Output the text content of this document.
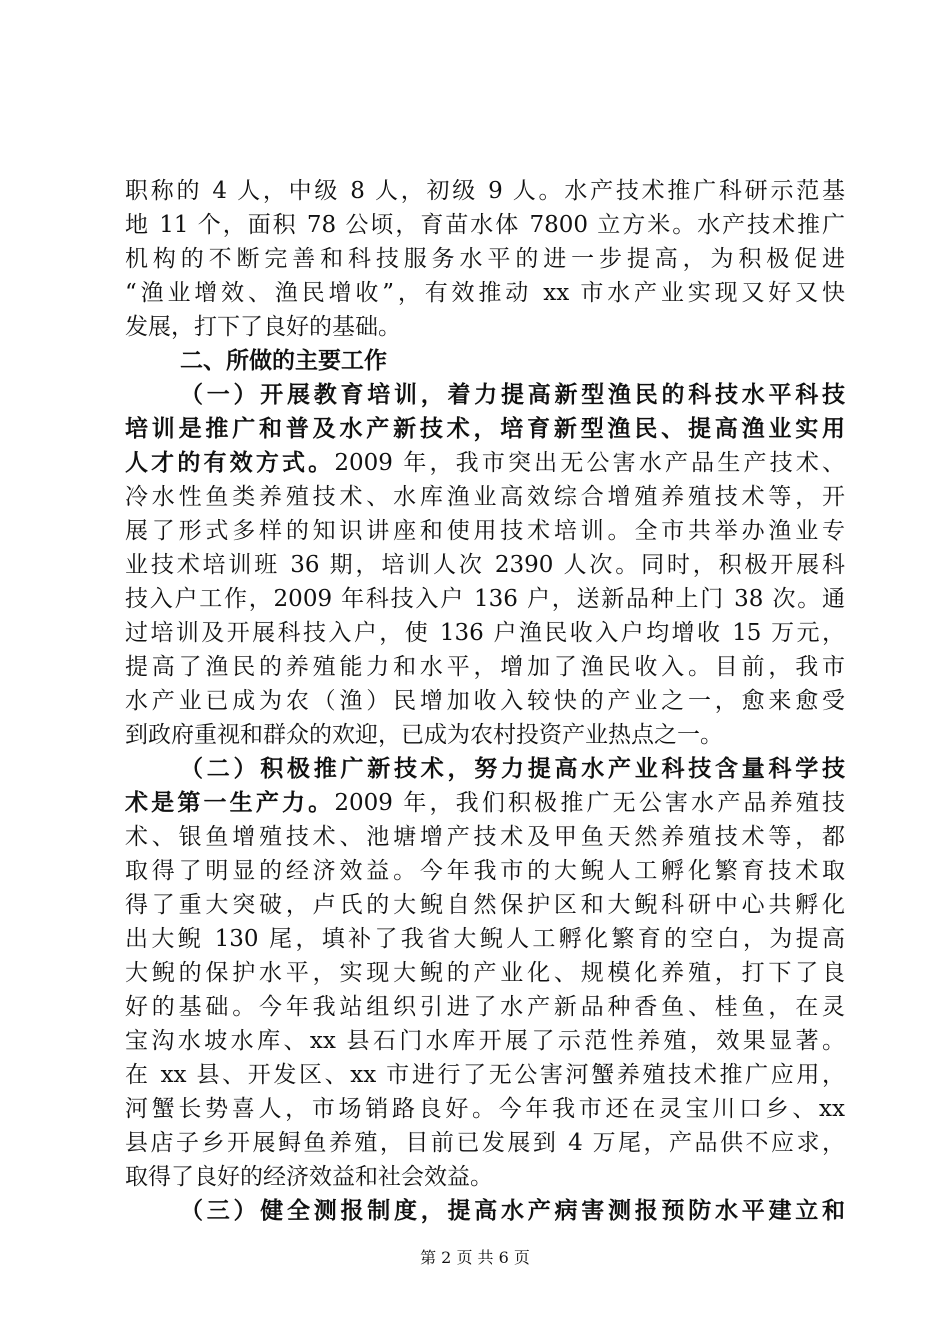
职称的 4 人，中级 8 人，初级 9 人。水产技术推广科研示范基
地 11 个，面积 78 公顷，育苗水体 7800 立方米。水产技术推广
机构的不断完善和科技服务水平的进一步提高，为积极促进
“渔业增效、渔民增收”，有效推动 xx 市水产业实现又好又快
发展，打下了良好的基础。
二、所做的主要工作
（一）开展教育培训，着力提高新型渔民的科技水平科技
培训是推广和普及水产新技术，培育新型渔民、提高渔业实用
人才的有效方式。2009 年，我市突出无公害水产品生产技术、
冷水性鱼类养殖技术、水库渔业高效综合增殖养殖技术等，开
展了形式多样的知识讲座和使用技术培训。全市共举办渔业专
业技术培训班 36 期，培训人次 2390 人次。同时，积极开展科
技入户工作，2009 年科技入户 136 户，送新品种上门 38 次。通
过培训及开展科技入户，使 136 户渔民收入户均增收 15 万元，
提高了渔民的养殖能力和水平，增加了渔民收入。目前，我市
水产业已成为农（渔）民增加收入较快的产业之一，愈来愈受
到政府重视和群众的欢迎，已成为农村投资产业热点之一。
（二）积极推广新技术，努力提高水产业科技含量科学技
术是第一生产力。2009 年，我们积极推广无公害水产品养殖技
术、银鱼增殖技术、池塘增产技术及甲鱼天然养殖技术等，都
取得了明显的经济效益。今年我市的大鲵人工孵化繁育技术取
得了重大突破，卢氏的大鲵自然保护区和大鲵科研中心共孵化
出大鲵 130 尾，填补了我省大鲵人工孵化繁育的空白，为提高
大鲵的保护水平，实现大鲵的产业化、规模化养殖，打下了良
好的基础。今年我站组织引进了水产新品种香鱼、桂鱼，在灵
宝沟水坡水库、xx 县石门水库开展了示范性养殖，效果显著。
在 xx 县、开发区、xx 市进行了无公害河蟹养殖技术推广应用，
河蟹长势喜人，市场销路良好。今年我市还在灵宝川口乡、xx
县店子乡开展鲟鱼养殖，目前已发展到 4 万尾，产品供不应求，
取得了良好的经济效益和社会效益。
（三）健全测报制度，提高水产病害测报预防水平建立和
第 2 页 共 6 页
